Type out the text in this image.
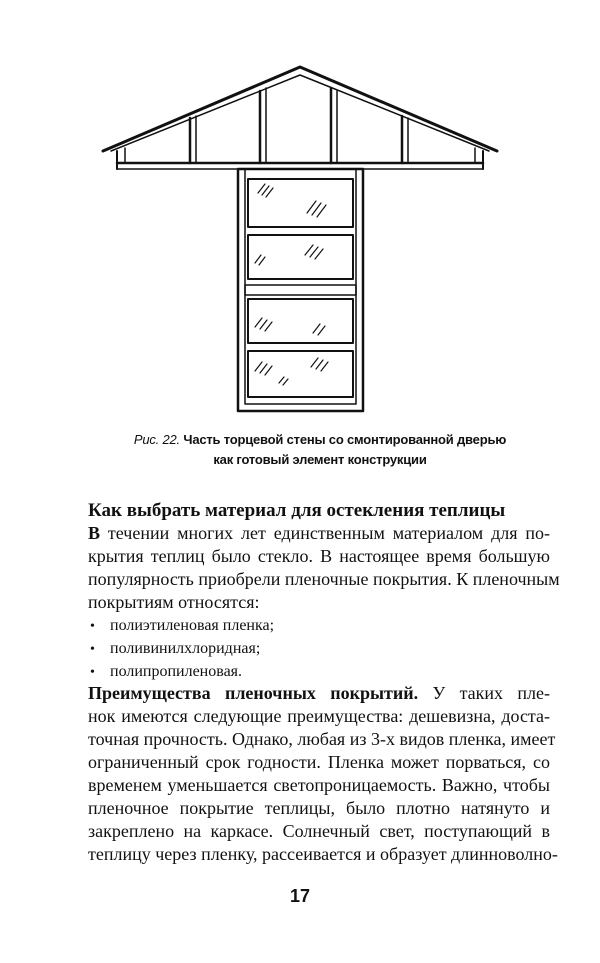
Рис. 22. Часть торцевой стены со смонтированной дверью
как готовый элемент конструкции
Как выбрать материал для остекления теплицы
В течении многих лет единственным материалом для по-
крытия теплиц было стекло. В настоящее время большую
популярность приобрели пленочные покрытия. К пленочным
покрытиям относятся:
• полиэтиленовая пленка;
• поливинилхлоридная;
• полипропиленовая.
Преимущества пленочных покрытий. У таких пле-
нок имеются следующие преимущества: дешевизна, доста-
точная прочность. Однако, любая из 3-х видов пленка, имеет
ограниченный срок годности. Пленка может порваться, со
временем уменьшается светопроницаемость. Важно, чтобы
пленочное покрытие теплицы, было плотно натянуто и
закреплено на каркасе. Солнечный свет, поступающий в
теплицу через пленку, рассеивается и образует длинноволно-
17
